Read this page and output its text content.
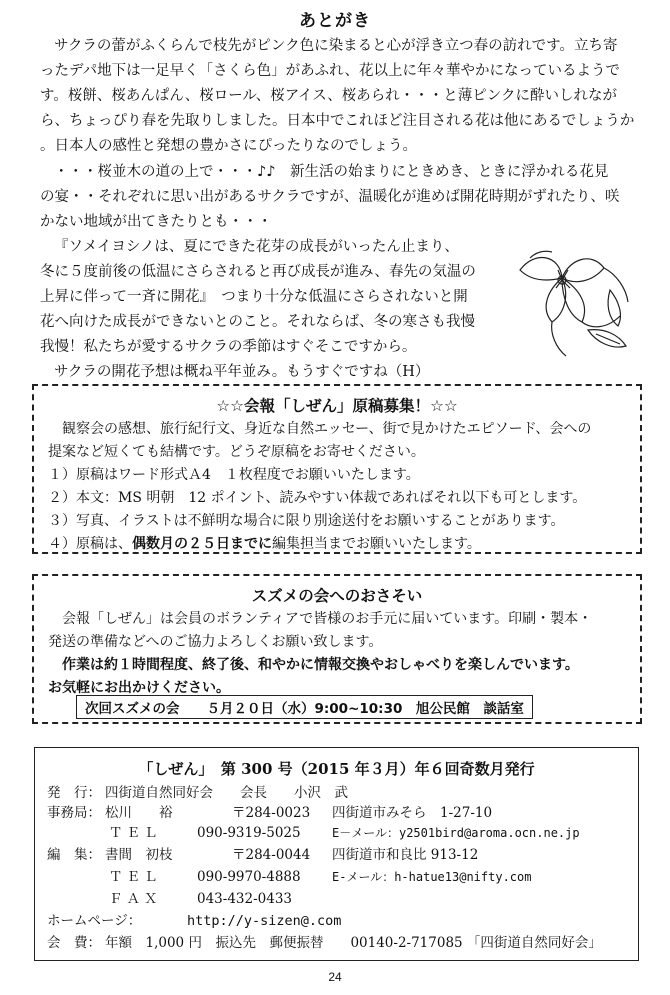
あとがき
サクラの蕾がふくらんで枝先がピンク色に染まると心が浮き立つ春の訪れです。立ち寄
ったデパ地下は一足早く「さくら色」があふれ、花以上に年々華やかになっているようで
す。桜餅、桜あんぱん、桜ロール、桜アイス、桜あられ・・・と薄ピンクに酔いしれなが
ら、ちょっぴり春を先取りしました。日本中でこれほど注目される花は他にあるでしょうか
。日本人の感性と発想の豊かさにぴったりなのでしょう。
・・・桜並木の道の上で・・・♪♪　新生活の始まりにときめき、ときに浮かれる花見
の宴・・それぞれに思い出があるサクラですが、温暖化が進めば開花時期がずれたり、咲
かない地域が出てきたりとも・・・
『ソメイヨシノは、夏にできた花芽の成長がいったん止まり、
冬に５度前後の低温にさらされると再び成長が進み、春先の気温の
上昇に伴って一斉に開花』　つまり十分な低温にさらされないと開
花へ向けた成長ができないとのこと。それならば、冬の寒さも我慢
我慢！私たちが愛するサクラの季節はすぐそこですから。
サクラの開花予想は概ね平年並み。もうすぐですね（H）
☆☆会報「しぜん」原稿募集！☆☆
観察会の感想、旅行紀行文、身近な自然エッセー、街で見かけたエピソード、会への
提案など短くても結構です。どうぞ原稿をお寄せください。
１）原稿はワード形式Ａ4　１枚程度でお願いいたします。
２）本文：MS 明朝　12 ポイント、読みやすい体裁であればそれ以下も可とします。
３）写真、イラストは不鮮明な場合に限り別途送付をお願いすることがあります。
４）原稿は、偶数月の２５日までに編集担当までお願いいたします。
スズメの会へのおさそい
会報「しぜん」は会員のボランティアで皆様のお手元に届いています。印刷・製本・
発送の準備などへのご協力よろしくお願い致します。
作業は約１時間程度、終了後、和やかに情報交換やおしゃべりを楽しんでいます。
お気軽にお出かけください。
次回スズメの会　　５月２０日（水）9:00~10:30　旭公民館　談話室
「しぜん」　第 300 号（2015 年３月）年６回奇数月発行
発　行： 四街道自然同好会　　会長　　小沢　武
事務局： 松川　　裕	〒284-0023 四街道市みそら　1-27-10
ＴＥＬ	090-9319-5025	E－メール：y2501bird@aroma.ocn.ne.jp
編　集： 書間　初枝	〒284-0044 四街道市和良比 913-12
ＴＥＬ	090-9970-4888	E-メール：h-hatue13@nifty.com
ＦＡＸ	043-432-0433
ホームページ：	http://y-sizen@.com
会　費： 年額　1,000 円　振込先　郵便振替　　00140-2-717085 「四街道自然同好会」
24
